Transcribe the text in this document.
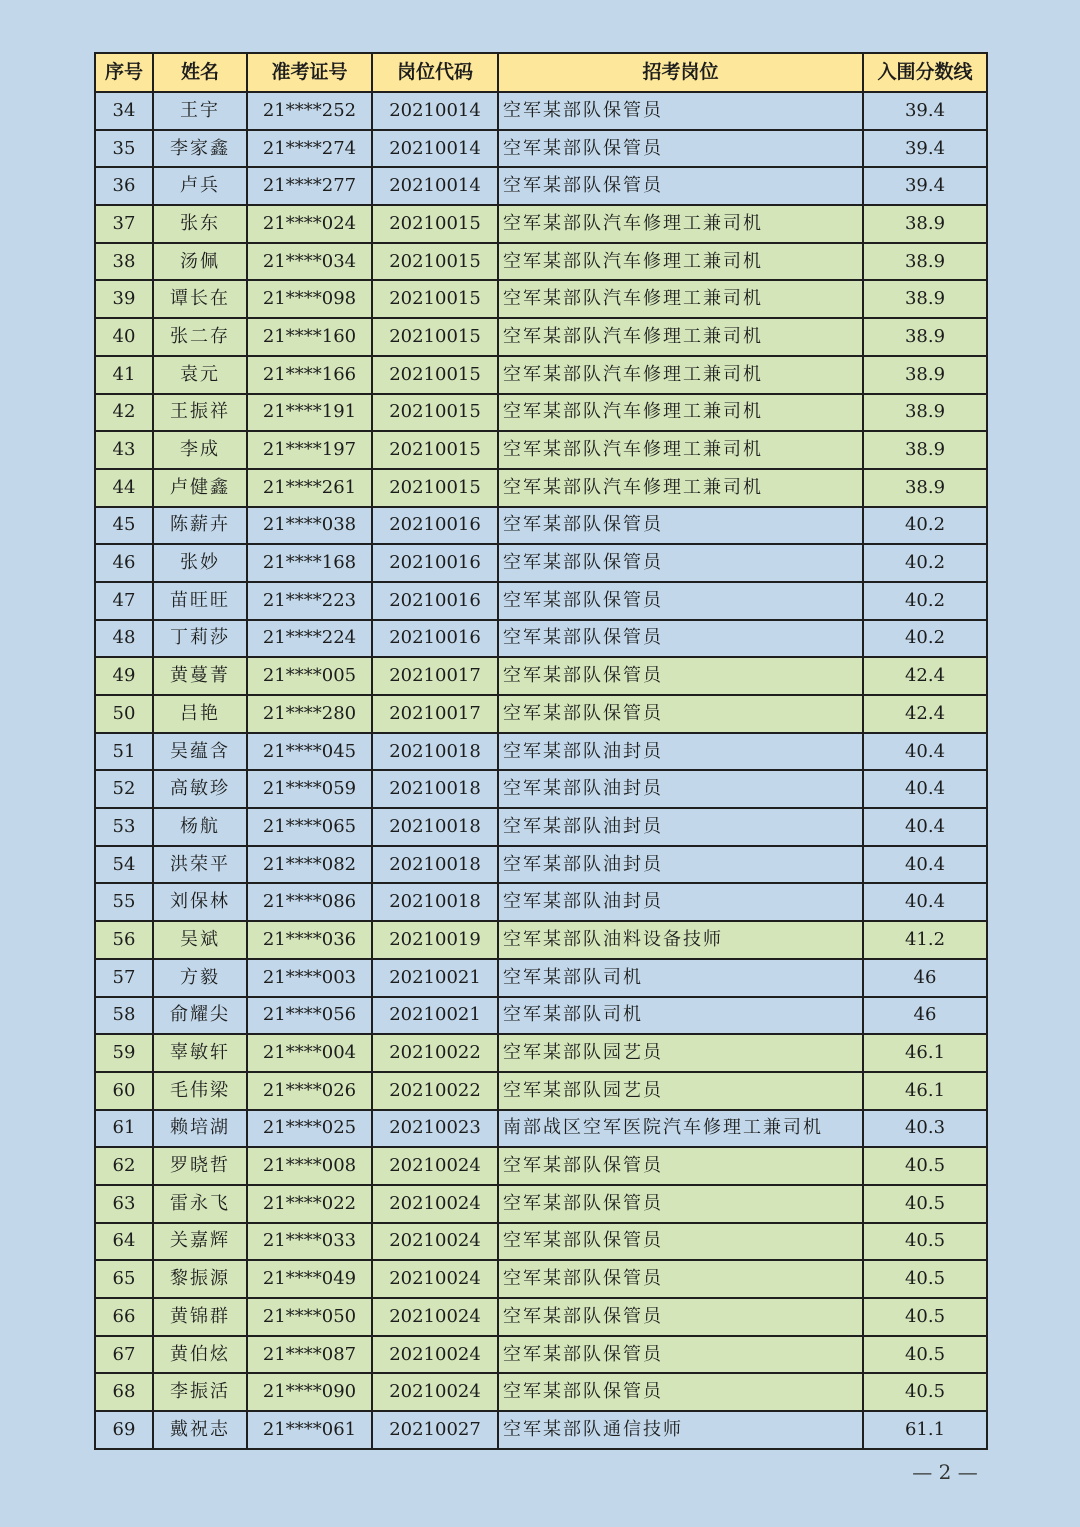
序号	姓名	准考证号	岗位代码	招考岗位	入围分数线
34	王宇	21****252	20210014	空军某部队保管员	39.4
35	李家鑫	21****274	20210014	空军某部队保管员	39.4
36	卢兵	21****277	20210014	空军某部队保管员	39.4
37	张东	21****024	20210015	空军某部队汽车修理工兼司机	38.9
38	汤佩	21****034	20210015	空军某部队汽车修理工兼司机	38.9
39	谭长在	21****098	20210015	空军某部队汽车修理工兼司机	38.9
40	张二存	21****160	20210015	空军某部队汽车修理工兼司机	38.9
41	袁元	21****166	20210015	空军某部队汽车修理工兼司机	38.9
42	王振祥	21****191	20210015	空军某部队汽车修理工兼司机	38.9
43	李成	21****197	20210015	空军某部队汽车修理工兼司机	38.9
44	卢健鑫	21****261	20210015	空军某部队汽车修理工兼司机	38.9
45	陈薪卉	21****038	20210016	空军某部队保管员	40.2
46	张妙	21****168	20210016	空军某部队保管员	40.2
47	苗旺旺	21****223	20210016	空军某部队保管员	40.2
48	丁莉莎	21****224	20210016	空军某部队保管员	40.2
49	黄蔓菁	21****005	20210017	空军某部队保管员	42.4
50	吕艳	21****280	20210017	空军某部队保管员	42.4
51	吴蕴含	21****045	20210018	空军某部队油封员	40.4
52	高敏珍	21****059	20210018	空军某部队油封员	40.4
53	杨航	21****065	20210018	空军某部队油封员	40.4
54	洪荣平	21****082	20210018	空军某部队油封员	40.4
55	刘保林	21****086	20210018	空军某部队油封员	40.4
56	吴斌	21****036	20210019	空军某部队油料设备技师	41.2
57	方毅	21****003	20210021	空军某部队司机	46
58	俞耀尖	21****056	20210021	空军某部队司机	46
59	辜敏轩	21****004	20210022	空军某部队园艺员	46.1
60	毛伟梁	21****026	20210022	空军某部队园艺员	46.1
61	赖培湖	21****025	20210023	南部战区空军医院汽车修理工兼司机	40.3
62	罗晓哲	21****008	20210024	空军某部队保管员	40.5
63	雷永飞	21****022	20210024	空军某部队保管员	40.5
64	关嘉辉	21****033	20210024	空军某部队保管员	40.5
65	黎振源	21****049	20210024	空军某部队保管员	40.5
66	黄锦群	21****050	20210024	空军某部队保管员	40.5
67	黄伯炫	21****087	20210024	空军某部队保管员	40.5
68	李振活	21****090	20210024	空军某部队保管员	40.5
69	戴祝志	21****061	20210027	空军某部队通信技师	61.1
— 2 —
